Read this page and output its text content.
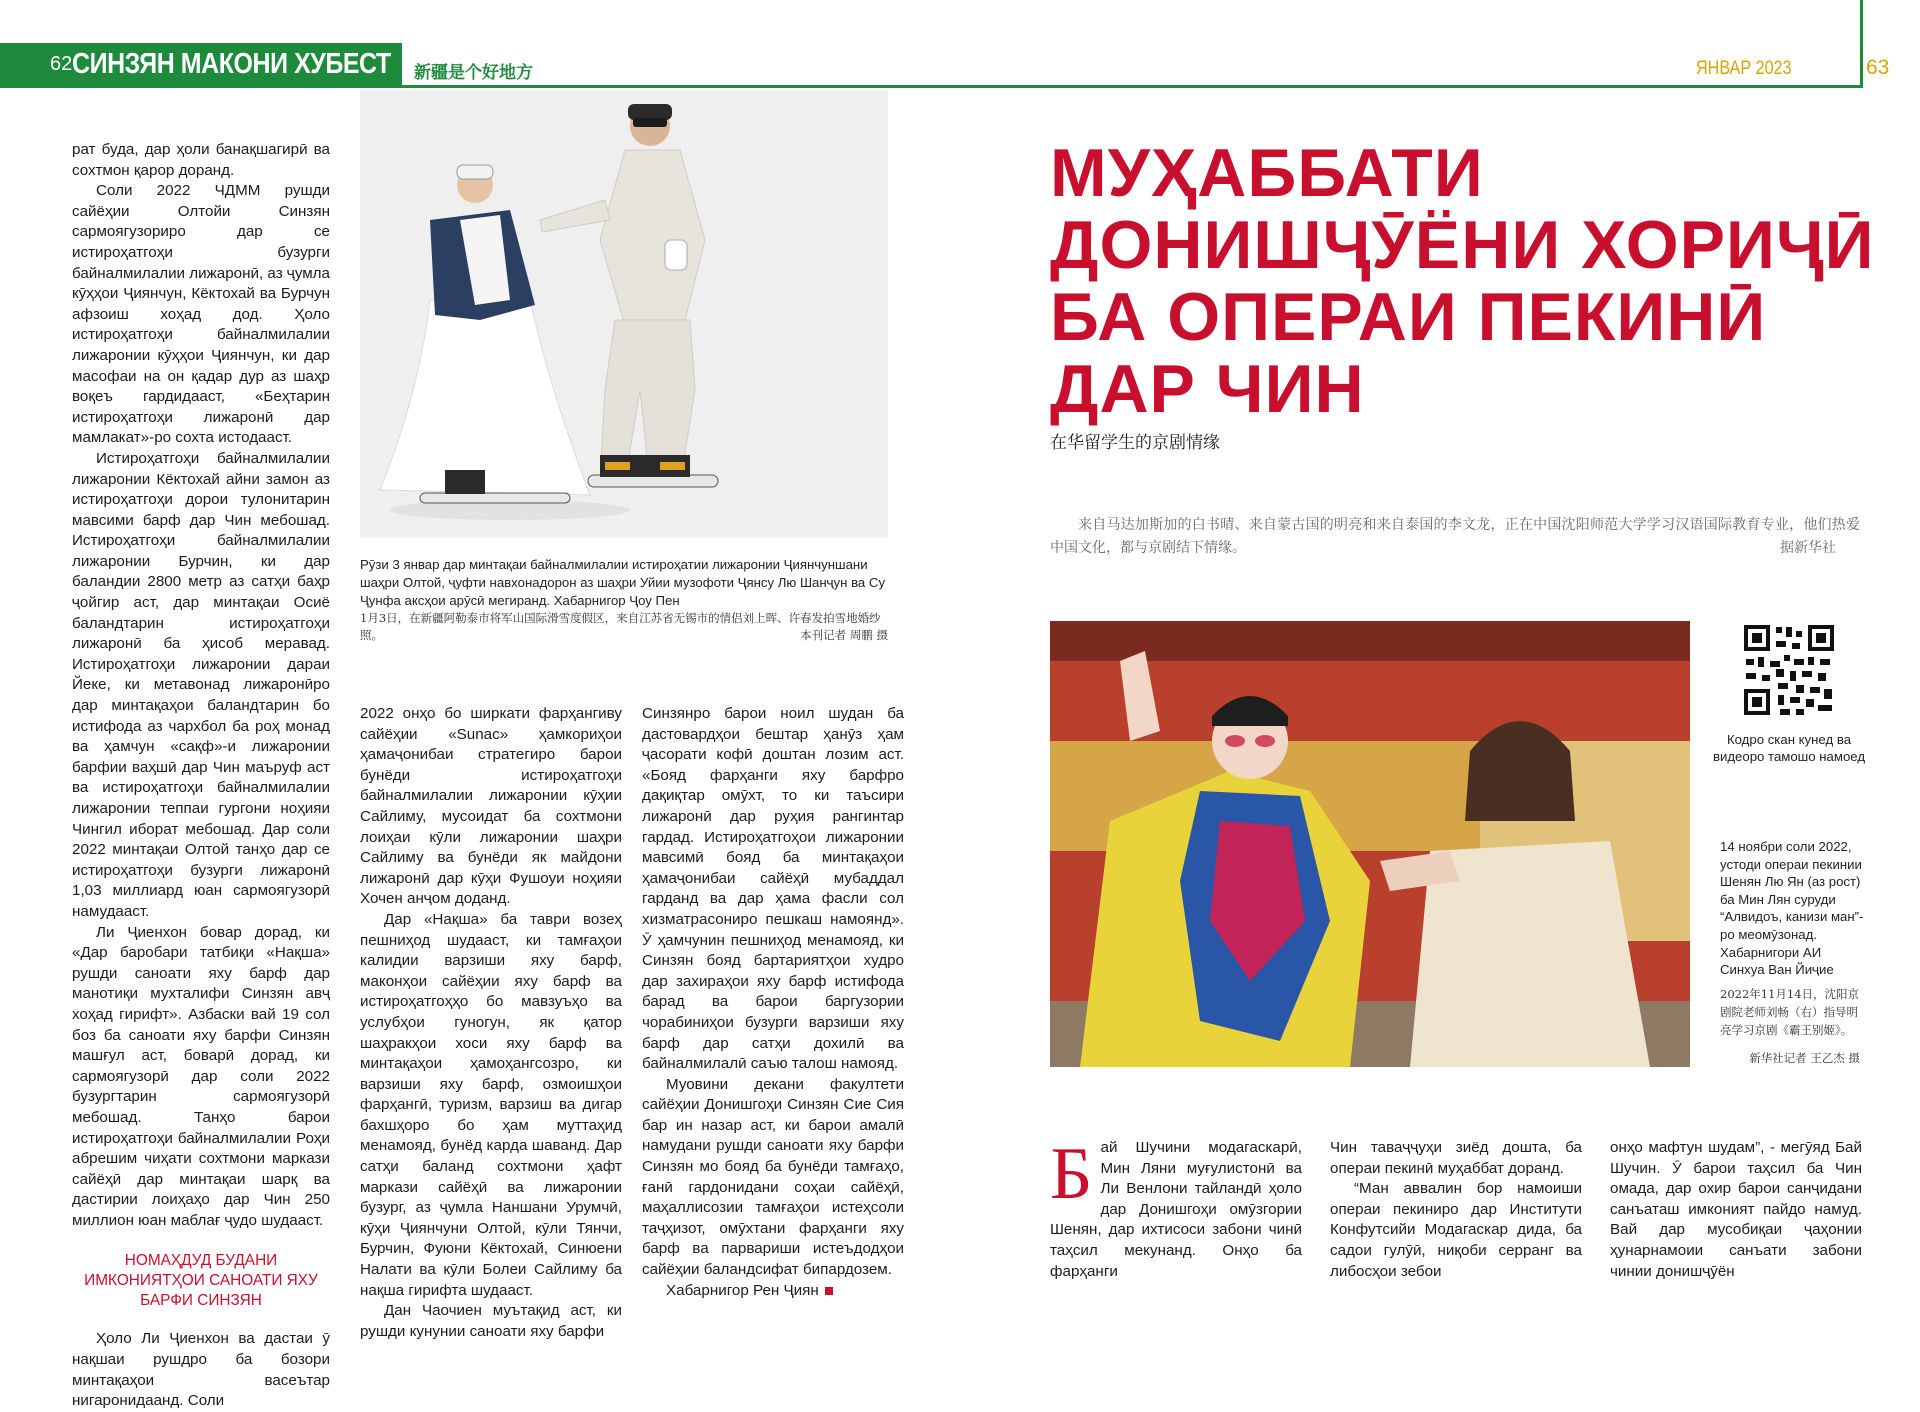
62 СИНЗЯН МАКОНИ ХУБЕСТ 新疆是个好地方	ЯНВАР 2023	63

рат буда, дар ҳоли банақшагирӣ ва сохтмон қарор доранд.

Соли 2022 ЧДММ рушди сайёҳии Олтойи Синзян сармоягузориро дар се истироҳатгоҳи бузурги байналмилалии лижаронӣ, аз ҷумла кӯҳҳои Ҷиянчун, Кёктохай ва Бурчун афзоиш хоҳад дод. Ҳоло истироҳатгоҳи байналмилалии лижаронии кӯҳҳои Ҷиянчун, ки дар масофаи на он қадар дур аз шаҳр воқеъ гардидааст, «Беҳтарин истироҳатгоҳи лижаронӣ дар мамлакат»-ро сохта истодааст.

Истироҳатгоҳи байналмилалии лижаронии Кёктохай айни замон аз истироҳатгоҳи дорои тулонитарин мавсими барф дар Чин мебошад. Истироҳатгоҳи байналмилалии лижаронии Бурчин, ки дар баландии 2800 метр аз сатҳи баҳр ҷойгир аст, дар минтақаи Осиё баландтарин истироҳатгоҳи лижаронӣ ба ҳисоб меравад. Истироҳатгоҳи лижаронии дараи Йеке, ки метавонад лижаронӣро дар минтақаҳои баландтарин бо истифода аз чархбол ба роҳ монад ва ҳамчун «сақф»-и лижаронии барфии ваҳшӣ дар Чин маъруф аст ва истироҳатгоҳи байналмилалии лижаронии теппаи гургони ноҳияи Чингил иборат мебошад. Дар соли 2022 минтақаи Олтой танҳо дар се истироҳатгоҳи бузурги лижаронӣ 1,03 миллиард юан сармоягузорӣ намудааст.

Ли Ҷиенхон бовар дорад, ки «Дар баробари татбиқи «Нақша» рушди саноати яху барф дар манотиқи мухталифи Синзян авҷ хоҳад гирифт». Азбаски вай 19 сол боз ба саноати яху барфи Синзян машғул аст, боварӣ дорад, ки сармоягузорӣ дар соли 2022 бузургтарин сармоягузорӣ мебошад. Танҳо барои истироҳатгоҳи байналмилалии Роҳи абрешим чиҳати сохтмони маркази сайёҳӣ дар минтақаи шарқ ва дастирии лоиҳаҳо дар Чин 250 миллион юан маблағ ҷудо шудааст.

НОМАҲДУД БУДАНИ ИМКОНИЯТҲОИ САНОАТИ ЯХУ БАРФИ СИНЗЯН

Ҳоло Ли Ҷиенхон ва дастаи ӯ нақшаи рушдро ба бозори минтақаҳои васеътар нигаронидаанд. Соли

Рӯзи 3 январ дар минтақаи байналмилалии истироҳатии лижаронии Ҷиянчуншани шаҳри Олтой, ҷуфти навхонадорон аз шаҳри Уйии музофоти Ҷянсу Лю Шанҷун ва Су Ҷунфа аксҳои арӯсӣ мегиранд. Хабарнигор Ҷоу Пен
1月3日，在新疆阿勒泰市将军山国际滑雪度假区，来自江苏省无锡市的情侣刘上晖、许春发拍雪地婚纱照。	本刊记者 周鹏 摄

2022 онҳо бо ширкати фарҳангиву сайёҳии «Sunac» ҳамкориҳои ҳамаҷонибаи стратегиро барои бунёди истироҳатгоҳи байналмилалии лижаронии кӯҳии Сайлиму, мусоидат ба сохтмони лоиҳаи кӯли лижаронии шаҳри Сайлиму ва бунёди як майдони лижаронӣ дар кӯҳи Фушоуи ноҳияи Хочен анҷом доданд.

Дар «Нақша» ба таври возеҳ пешниҳод шудааст, ки тамғаҳои калидии варзиши яху барф, маконҳои сайёҳии яху барф ва истироҳатгоҳҳо бо мавзуъҳо ва услубҳои гуногун, як қатор шаҳракҳои хоси яху барф ва минтақаҳои ҳамоҳангсозро, ки варзиши яху барф, озмоишҳои фарҳангӣ, туризм, варзиш ва дигар бахшҳоро бо ҳам муттаҳид менамояд, бунёд карда шаванд. Дар сатҳи баланд сохтмони ҳафт маркази сайёҳӣ ва лижаронии бузург, аз ҷумла Наншани Урумчӣ, кӯҳи Ҷиянчуни Олтой, кӯли Тянчи, Бурчин, Фуюни Кёктохай, Синюени Налати ва кӯли Болеи Сайлиму ба нақша гирифта шудааст.

Дан Чаочиен муътақид аст, ки рушди кунунии саноати яху барфи

Синзянро барои ноил шудан ба дастовардҳои бештар ҳанӯз ҳам ҷасорати кофӣ доштан лозим аст. «Бояд фарҳанги яху барфро дақиқтар омӯхт, то ки таъсири лижаронӣ дар руҳия рангинтар гардад. Истироҳатгоҳои лижаронии мавсимӣ бояд ба минтақаҳои ҳамаҷонибаи сайёҳӣ мубаддал гарданд ва дар ҳама фасли сол хизматрасониро пешкаш намоянд». Ӯ ҳамчунин пешниҳод менамояд, ки Синзян бояд бартариятҳои худро дар захираҳои яху барф истифода барад ва барои баргузории чорабиниҳои бузурги варзиши яху барф дар сатҳи дохилӣ ва байналмилалӣ саъю талош намояд.

Муовини декани факултети сайёҳии Донишгоҳи Синзян Сие Сия бар ин назар аст, ки барои амалӣ намудани рушди саноати яху барфи Синзян мо бояд ба бунёди тамғаҳо, ғанӣ гардонидани соҳаи сайёҳӣ, маҳаллисозии тамғаҳои истеҳсоли таҷҳизот, омӯхтани фарҳанги яху барф ва парвариши истеъдодҳои сайёҳии баландсифат бипардозем.

Хабарнигор Рен Ҷиян

МУҲАББАТИ
ДОНИШҶӮЁНИ ХОРИҶӢ
БА ОПЕРАИ ПЕКИНӢ
ДАР ЧИН
在华留学生的京剧情缘
来自马达加斯加的白书晴、来自蒙古国的明亮和来自泰国的李文龙，正在中国沈阳师范大学学习汉语国际教育专业，他们热爱中国文化，都与京剧结下情缘。	据新华社
Кодро скан кунед ва видеоро тамошо намоед
14 ноябри соли 2022, устоди операи пекинии Шенян Лю Ян (аз рост) ба Мин Лян суруди “Алвидоъ, канизи ман”-ро меомӯзонад. Хабарнигори АИ Синхуа Ван Йиҷие
2022年11月14日，沈阳京剧院老师刘畅（右）指导明亮学习京剧《霸王别姬》。
新华社记者 王乙杰 摄

Бай Шучини модагаскарӣ, Мин Ляни муғулистонӣ ва Ли Венлони тайландӣ ҳоло дар Донишгоҳи омӯзгории Шенян, дар ихтисоси забони чинӣ таҳсил мекунанд. Онҳо ба фарҳанги

Чин таваҷҷуҳи зиёд дошта, ба операи пекинӣ муҳаббат доранд.

“Ман аввалин бор намоиши операи пекиниро дар Институти Конфутсийи Модагаскар дида, ба садои гулӯӣ, ниқоби серранг ва либосҳои зебои

онҳо мафтун шудам”, - мегӯяд Бай Шучин. Ӯ барои таҳсил ба Чин омада, дар охир барои санҷидани санъаташ имконият пайдо намуд. Вай дар мусобиқаи ҷаҳонии ҳунарнамоии санъати забони чинии донишҷӯён
